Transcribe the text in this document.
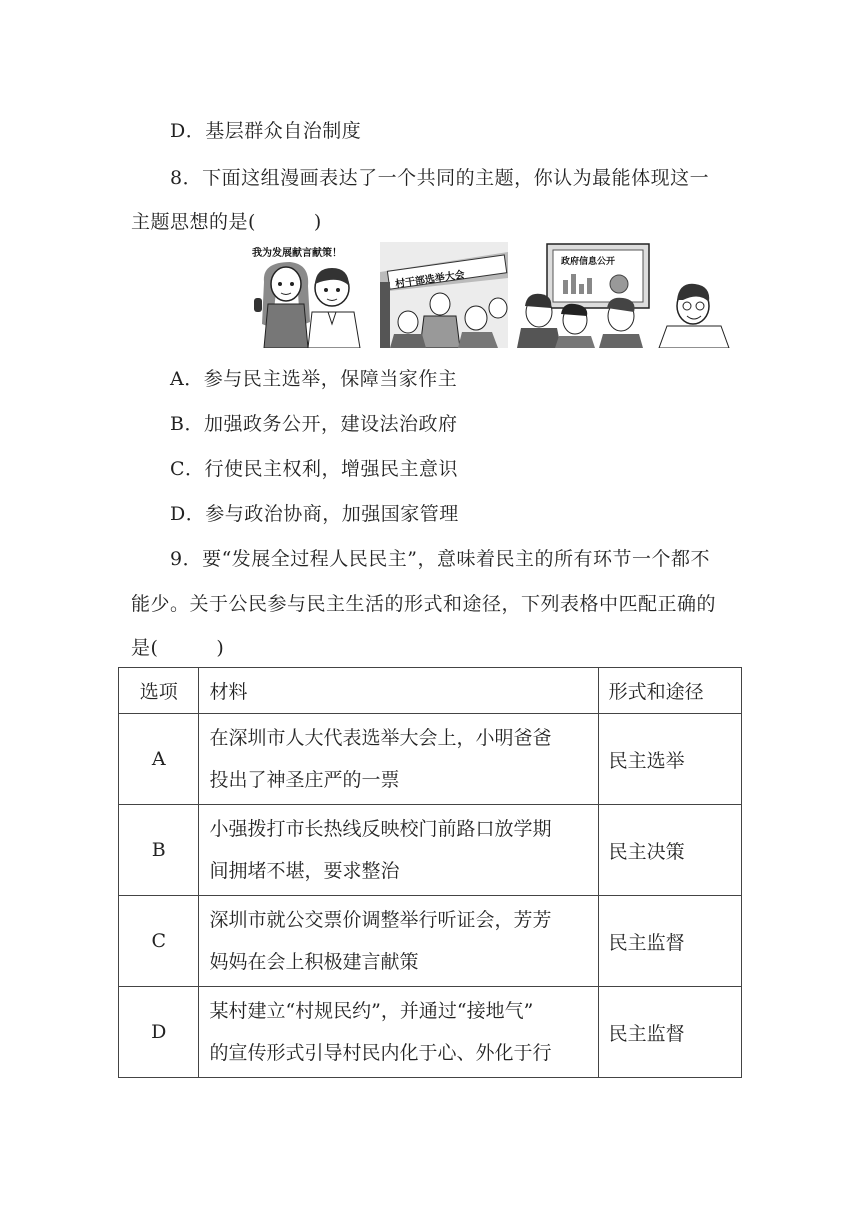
D．基层群众自治制度
8．下面这组漫画表达了一个共同的主题，你认为最能体现这一
主题思想的是(	)
我为发展献言献策！
村干部选举大会
政府信息公开
A．参与民主选举，保障当家作主
B．加强政务公开，建设法治政府
C．行使民主权利，增强民主意识
D．参与政治协商，加强国家管理
9．要“发展全过程人民民主”，意味着民主的所有环节一个都不
能少。关于公民参与民主生活的形式和途径，下列表格中匹配正确的
是(	)
选项	材料	形式和途径
A	在深圳市人大代表选举大会上，小明爸爸
投出了神圣庄严的一票	民主选举
B	小强拨打市长热线反映校门前路口放学期
间拥堵不堪，要求整治	民主决策
C	深圳市就公交票价调整举行听证会，芳芳
妈妈在会上积极建言献策	民主监督
D	某村建立“村规民约”，并通过“接地气”
的宣传形式引导村民内化于心、外化于行	民主监督
